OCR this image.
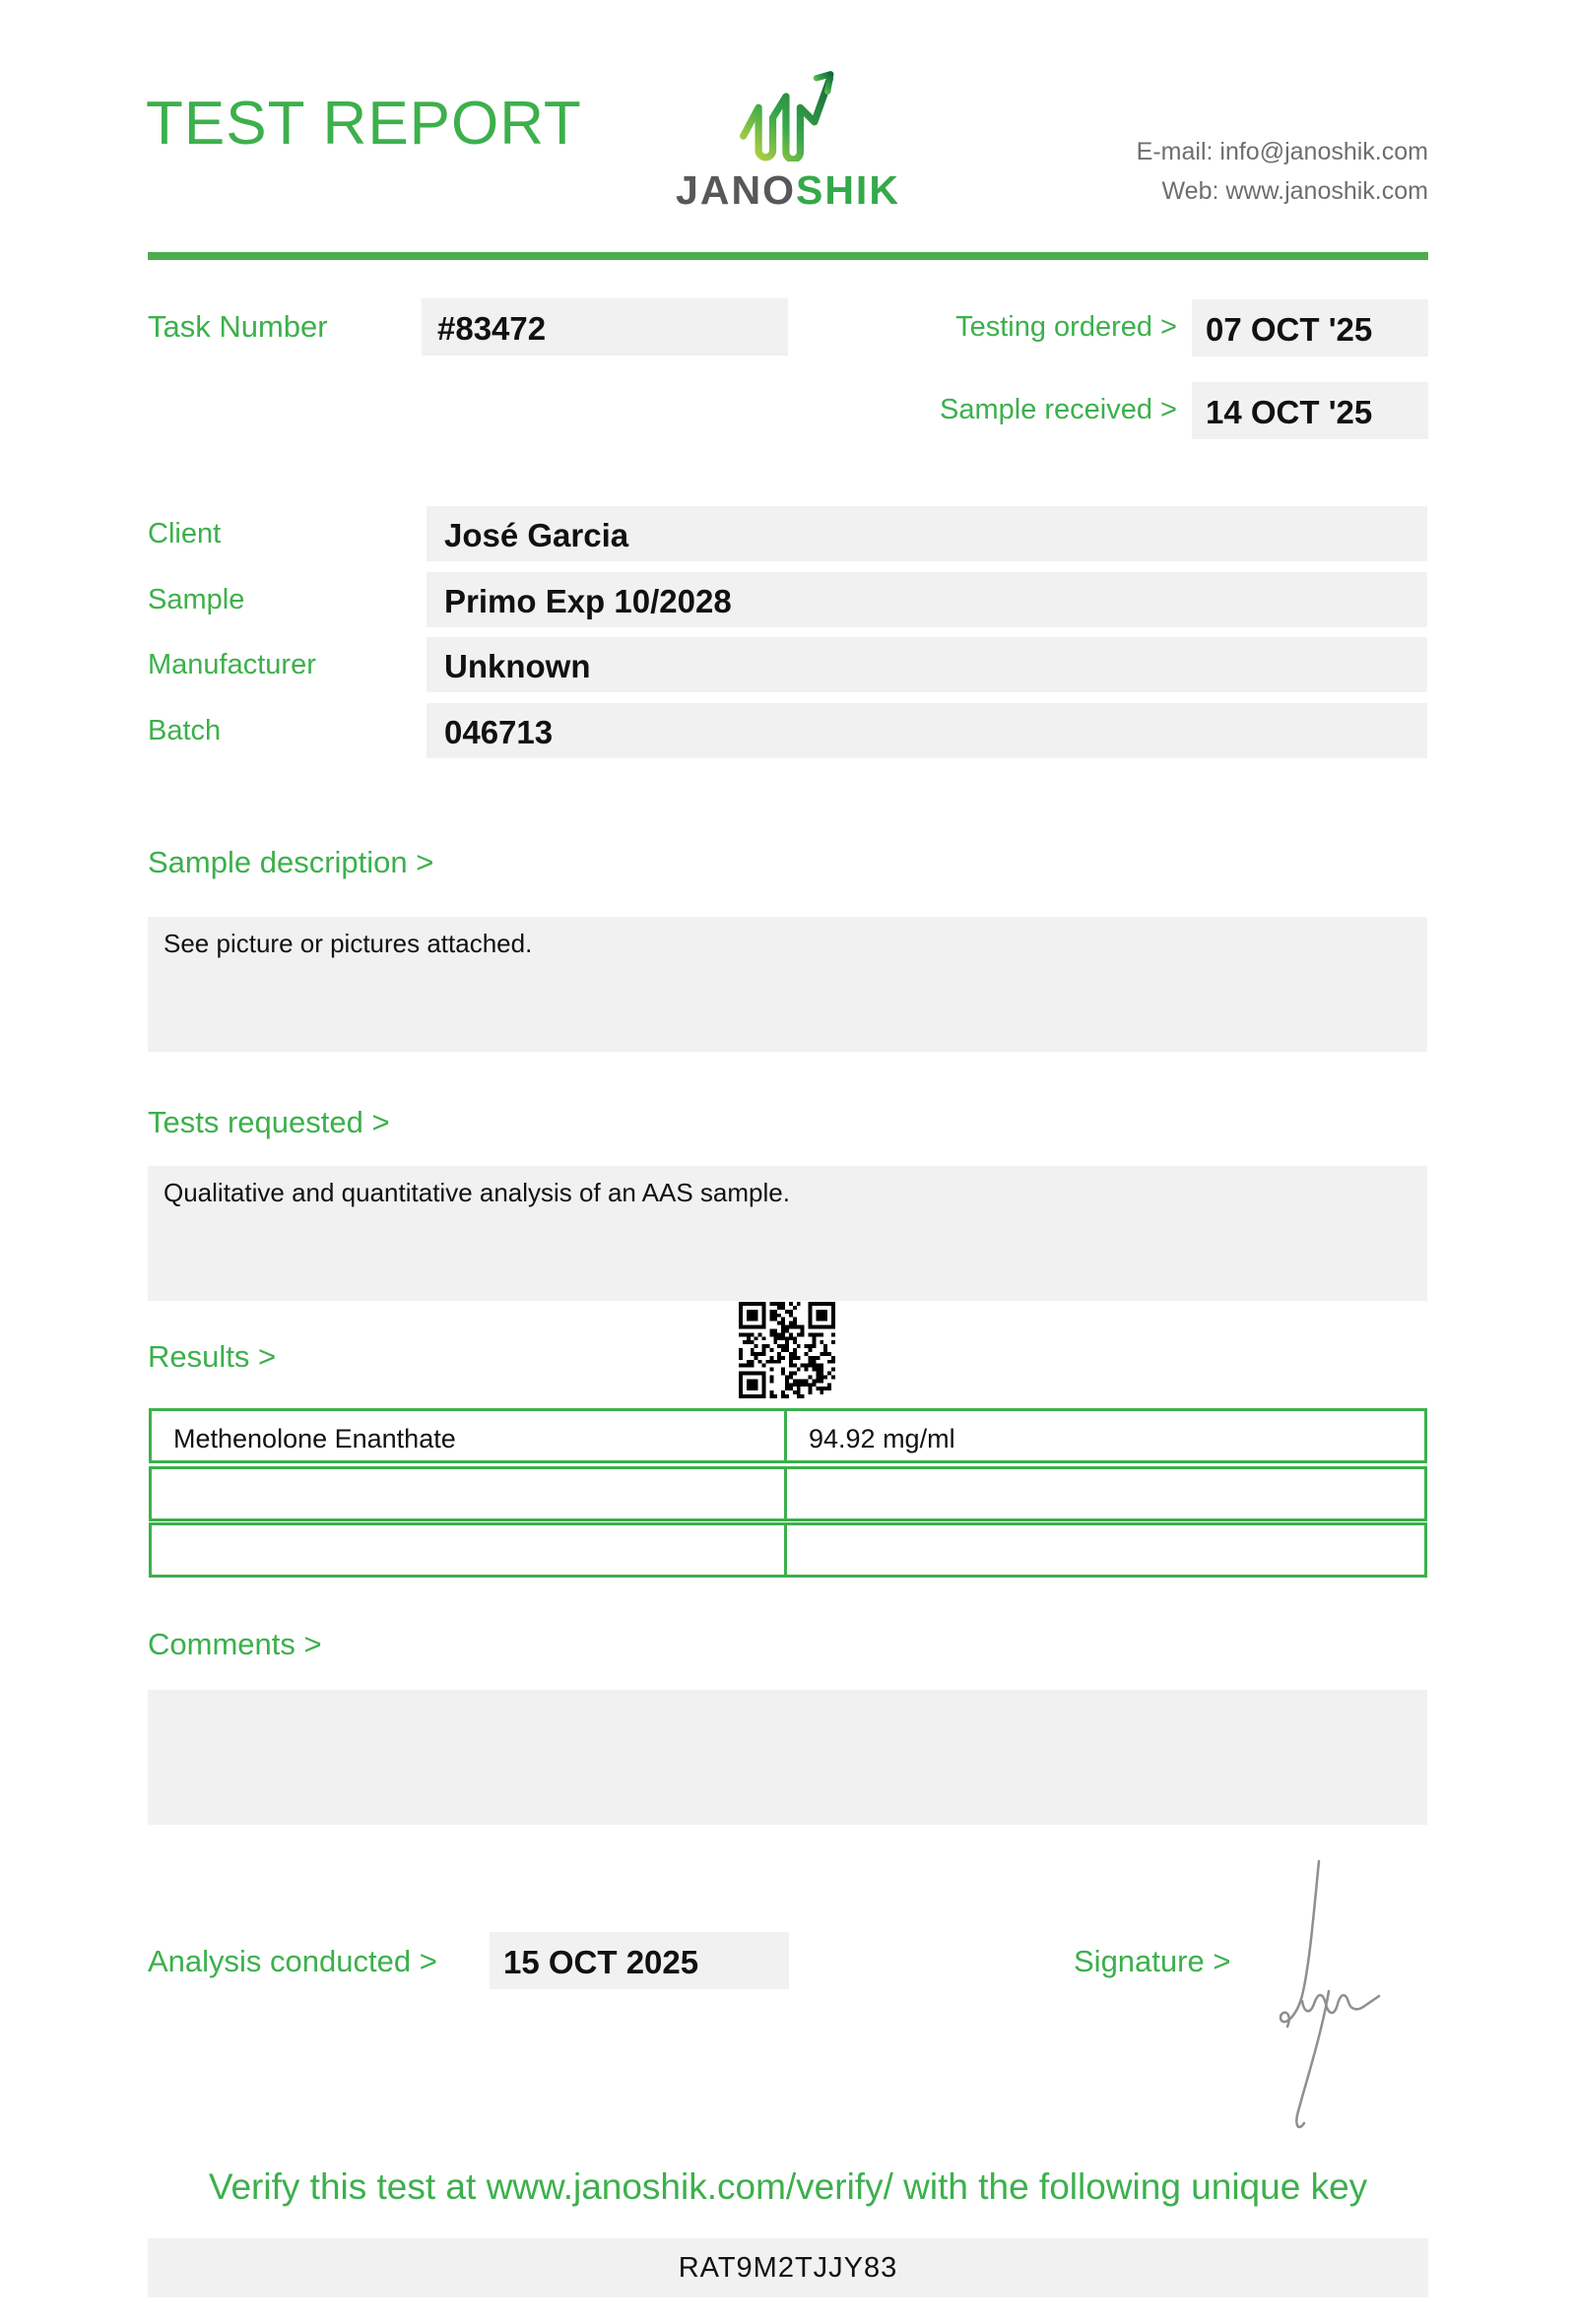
TEST REPORT
JANOSHIK
E-mail: info@janoshik.com
Web: www.janoshik.com
Task Number	#83472	Testing ordered > 07 OCT '25
Sample received > 14 OCT '25
Client	José Garcia
Sample	Primo Exp 10/2028
Manufacturer	Unknown
Batch	046713
Sample description >
See picture or pictures attached.
Tests requested >
Qualitative and quantitative analysis of an AAS sample.
Results >
Methenolone Enanthate	94.92 mg/ml
Comments >
Analysis conducted >	15 OCT 2025	Signature >
Verify this test at www.janoshik.com/verify/ with the following unique key
RAT9M2TJJY83
